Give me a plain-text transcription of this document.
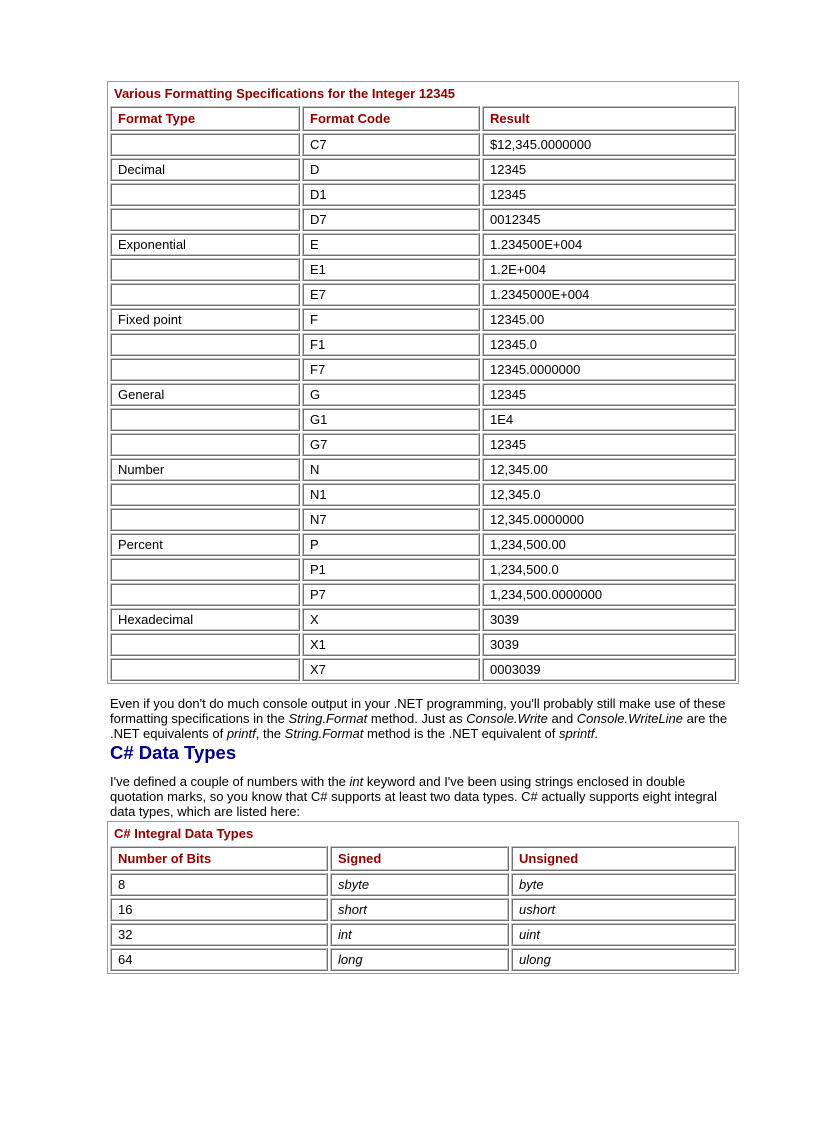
Various Formatting Specifications for the Integer 12345		
Format Type	Format Code	Result
	C7	$12,345.0000000
Decimal	D	12345
	D1	12345
	D7	0012345
Exponential	E	1.234500E+004
	E1	1.2E+004
	E7	1.2345000E+004
Fixed point	F	12345.00
	F1	12345.0
	F7	12345.0000000
General	G	12345
	G1	1E4
	G7	12345
Number	N	12,345.00
	N1	12,345.0
	N7	12,345.0000000
Percent	P	1,234,500.00
	P1	1,234,500.0
	P7	1,234,500.0000000
Hexadecimal	X	3039
	X1	3039
	X7	0003039

Even if you don't do much console output in your .NET programming, you'll probably still make use of these formatting specifications in the String.Format method. Just as Console.Write and Console.WriteLine are the .NET equivalents of printf, the String.Format method is the .NET equivalent of sprintf.

C# Data Types

I've defined a couple of numbers with the int keyword and I've been using strings enclosed in double quotation marks, so you know that C# supports at least two data types. C# actually supports eight integral data types, which are listed here:

C# Integral Data Types		
Number of Bits	Signed	Unsigned
8	sbyte	byte
16	short	ushort
32	int	uint
64	long	ulong
